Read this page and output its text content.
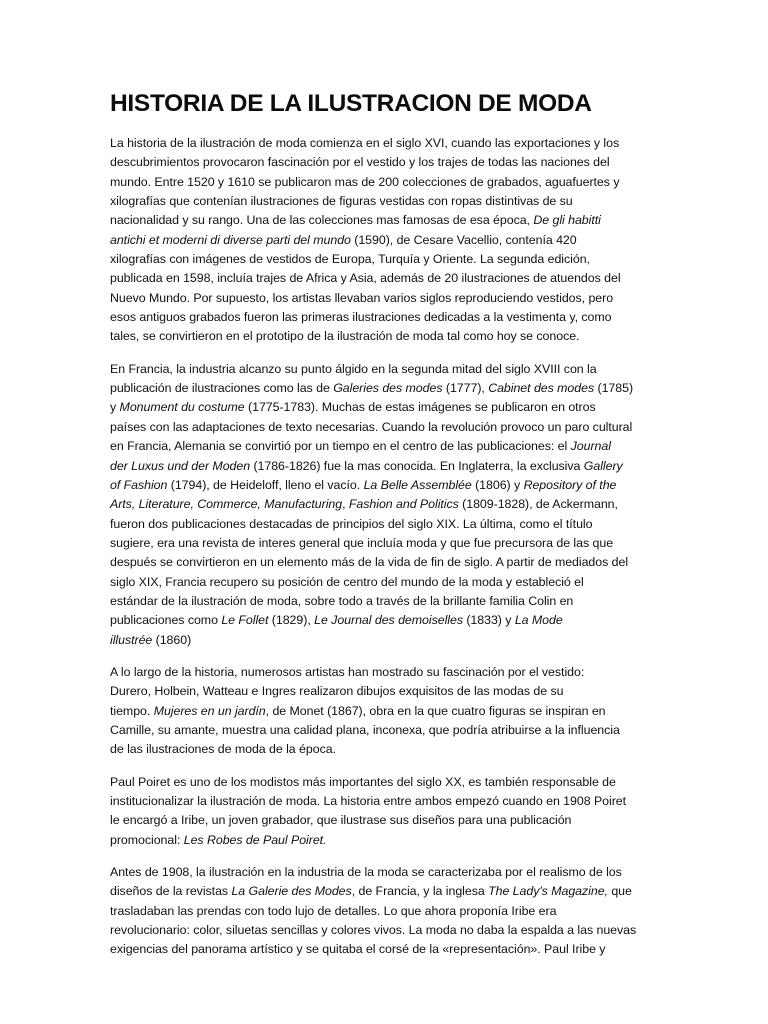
HISTORIA DE LA ILUSTRACION DE MODA
La historia de la ilustración de moda comienza en el siglo XVI, cuando las exportaciones y los
descubrimientos provocaron fascinación por el vestido y los trajes de todas las naciones del
mundo. Entre 1520 y 1610 se publicaron mas de 200 colecciones de grabados, aguafuertes y
xilografías que contenían ilustraciones de figuras vestidas con ropas distintivas de su
nacionalidad y su rango. Una de las colecciones mas famosas de esa época, De gli habitti
antichi et moderni di diverse parti del mundo (1590), de Cesare Vacellio, contenía 420
xilografías con imágenes de vestidos de Europa, Turquía y Oriente. La segunda edición,
publicada en 1598, incluía trajes de Africa y Asia, además de 20 ilustraciones de atuendos del
Nuevo Mundo. Por supuesto, los artistas llevaban varios siglos reproduciendo vestidos, pero
esos antiguos grabados fueron las primeras ilustraciones dedicadas a la vestimenta y, como
tales, se convirtieron en el prototipo de la ilustración de moda tal como hoy se conoce.
En Francia, la industria alcanzo su punto álgido en la segunda mitad del siglo XVIII con la
publicación de ilustraciones como las de Galeries des modes (1777), Cabinet des modes (1785)
y Monument du costume (1775-1783). Muchas de estas imágenes se publicaron en otros
países con las adaptaciones de texto necesarias. Cuando la revolución provoco un paro cultural
en Francia, Alemania se convirtió por un tiempo en el centro de las publicaciones: el Journal
der Luxus und der Moden (1786-1826) fue la mas conocida. En Inglaterra, la exclusiva Gallery
of Fashion (1794), de Heideloff, lleno el vacío. La Belle Assemblée (1806) y Repository of the
Arts, Literature, Commerce, Manufacturing, Fashion and Politics (1809-1828), de Ackermann,
fueron dos publicaciones destacadas de principios del siglo XIX. La última, como el título
sugiere, era una revista de interes general que incluía moda y que fue precursora de las que
después se convirtieron en un elemento más de la vida de fin de siglo. A partir de mediados del
siglo XIX, Francia recupero su posición de centro del mundo de la moda y estableció el
estándar de la ilustración de moda, sobre todo a través de la brillante familia Colin en
publicaciones como Le Follet (1829), Le Journal des demoiselles (1833) y La Mode
illustrée (1860)
A lo largo de la historia, numerosos artistas han mostrado su fascinación por el vestido:
Durero, Holbein, Watteau e Ingres realizaron dibujos exquisitos de las modas de su
tiempo. Mujeres en un jardín, de Monet (1867), obra en la que cuatro figuras se inspiran en
Camille, su amante, muestra una calidad plana, inconexa, que podría atribuirse a la influencia
de las ilustraciones de moda de la época.
Paul Poiret es uno de los modistos más importantes del siglo XX, es también responsable de
institucionalizar la ilustración de moda. La historia entre ambos empezó cuando en 1908 Poiret
le encargó a Iribe, un joven grabador, que ilustrase sus diseños para una publicación
promocional: Les Robes de Paul Poiret.
Antes de 1908, la ilustración en la industria de la moda se caracterizaba por el realismo de los
diseños de la revistas La Galerie des Modes, de Francia, y la inglesa The Lady's Magazine, que
trasladaban las prendas con todo lujo de detalles. Lo que ahora proponía Iribe era
revolucionario: color, siluetas sencillas y colores vivos. La moda no daba la espalda a las nuevas
exigencias del panorama artístico y se quitaba el corsé de la «representación». Paul Iribe y
